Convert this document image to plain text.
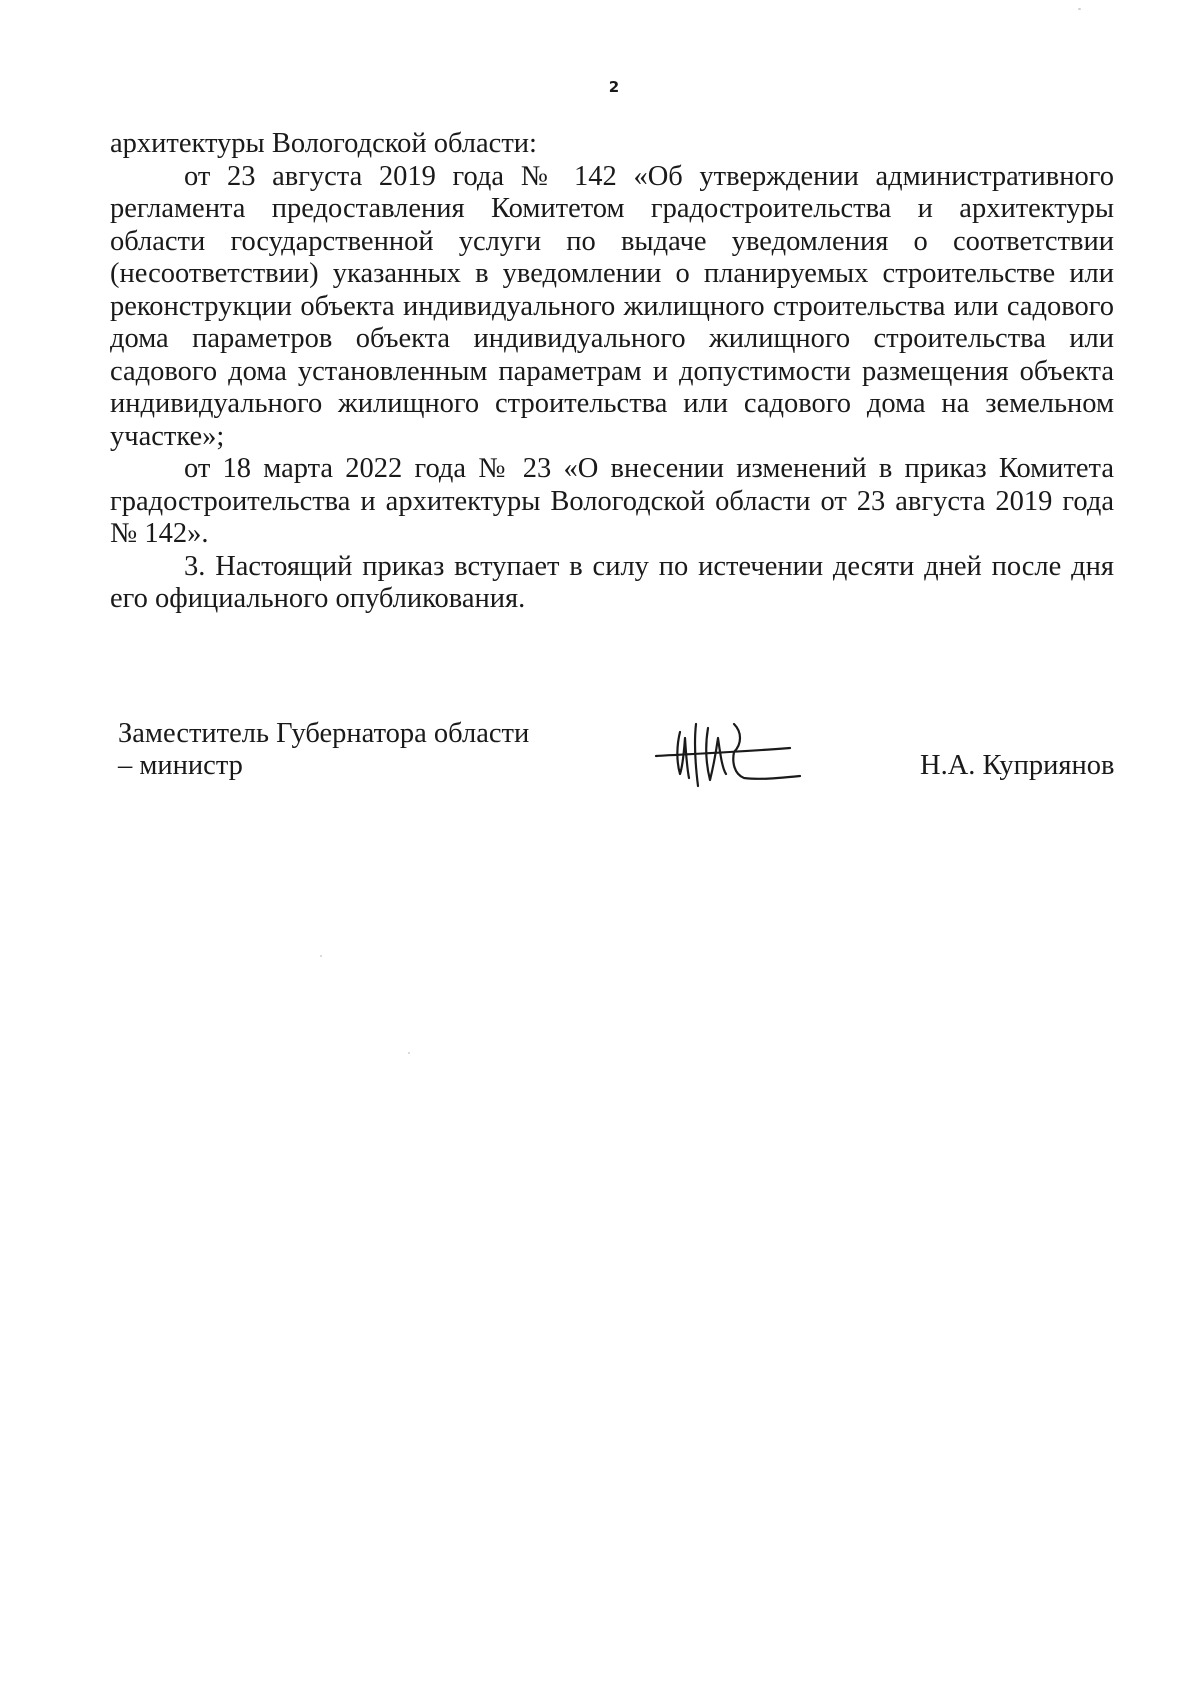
2

архитектуры Вологодской области:

от 23 августа 2019 года № 142 «Об утверждении административного регламента предоставления Комитетом градостроительства и архитектуры области государственной услуги по выдаче уведомления о соответствии (несоответствии) указанных в уведомлении о планируемых строительстве или реконструкции объекта индивидуального жилищного строительства или садового дома параметров объекта индивидуального жилищного строительства или садового дома установленным параметрам и допустимости размещения объекта индивидуального жилищного строительства или садового дома на земельном участке»;

от 18 марта 2022 года № 23 «О внесении изменений в приказ Комитета градостроительства и архитектуры Вологодской области от 23 августа 2019 года № 142».

3. Настоящий приказ вступает в силу по истечении десяти дней после дня его официального опубликования.

Заместитель Губернатора области
– министр	Н.А. Куприянов
